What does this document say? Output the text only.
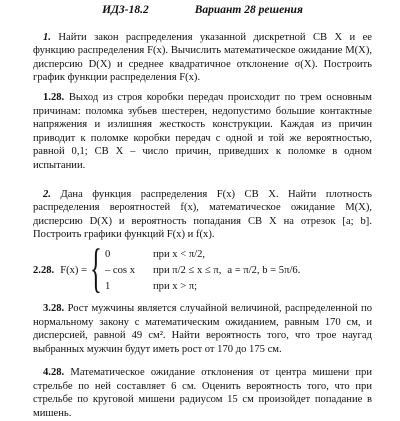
ИДЗ-18.2	Вариант 28 решения

1. Найти закон распределения указанной дискретной СВ X и ее функцию распределения F(x). Вычислить математическое ожидание M(X), дисперсию D(X) и среднее квадратичное отклонение σ(X). Построить график функции распределения F(x).

1.28. Выход из строя коробки передач происходит по трем основным причинам: поломка зубьев шестерен, недопустимо большие контактные напряжения и излишняя жесткость конструкции. Каждая из причин приводит к поломке коробки передач с одной и той же вероятностью, равной 0,1; СВ X – число причин, приведших к поломке в одном испытании.

2. Дана функция распределения F(x) СВ X. Найти плотность распределения вероятностей f(x), математическое ожидание M(X), дисперсию D(X) и вероятность попадания СВ X на отрезок [a; b]. Построить графики функций F(x) и f(x).

2.28. F(x) = { 0	при x < π/2,
– cos x	при π/2 ≤ x ≤ π,
1	при x > π;
a = π/2, b = 5π/6.

3.28. Рост мужчины является случайной величиной, распределенной по нормальному закону с математическим ожиданием, равным 170 см, и дисперсией, равной 49 см². Найти вероятность того, что трое наугад выбранных мужчин будут иметь рост от 170 до 175 см.

4.28. Математическое ожидание отклонения от центра мишени при стрельбе по ней составляет 6 см. Оценить вероятность того, что при стрельбе по круговой мишени радиусом 15 см произойдет попадание в мишень.
